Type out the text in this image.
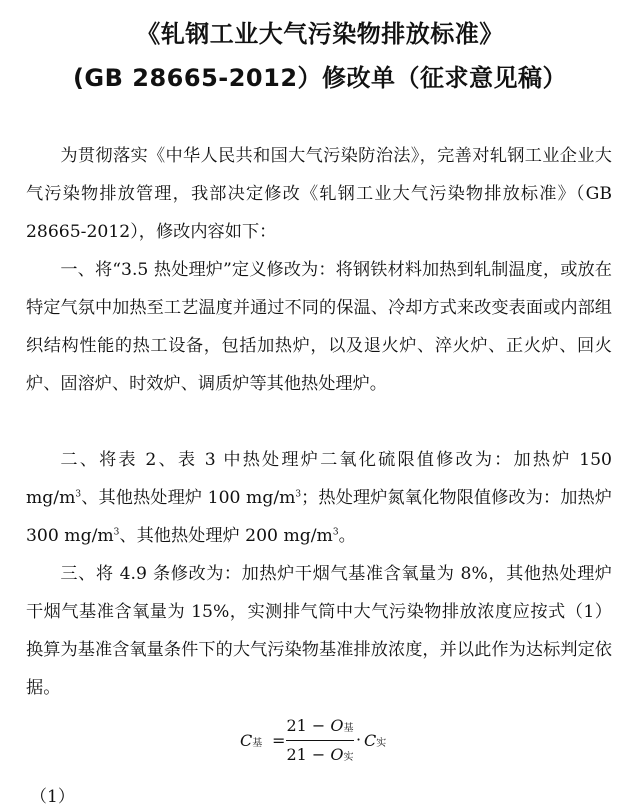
《轧钢工业大气污染物排放标准》
(GB 28665-2012）修改单（征求意见稿）

为贯彻落实《中华人民共和国大气污染防治法》，完善对轧钢工业企业大气污染物排放管理，我部决定修改《轧钢工业大气污染物排放标准》（GB 28665-2012），修改内容如下：

一、将“3.5 热处理炉”定义修改为：将钢铁材料加热到轧制温度，或放在特定气氛中加热至工艺温度并通过不同的保温、冷却方式来改变表面或内部组织结构性能的热工设备，包括加热炉，以及退火炉、淬火炉、正火炉、回火炉、固溶炉、时效炉、调质炉等其他热处理炉。

二、将表 2、表 3 中热处理炉二氧化硫限值修改为：加热炉 150 $mg/m^3$、其他热处理炉 100 $mg/m^3$；热处理炉氮氧化物限值修改为：加热炉 300 $mg/m^3$、其他热处理炉 200 $mg/m^3$。

三、将 4.9 条修改为：加热炉干烟气基准含氧量为 8%，其他热处理炉干烟气基准含氧量为 15%，实测排气筒中大气污染物排放浓度应按式（1）换算为基准含氧量条件下的大气污染物基准排放浓度，并以此作为达标判定依据。

C基 =
21 − O基
21 − O实
· C实
（1）
